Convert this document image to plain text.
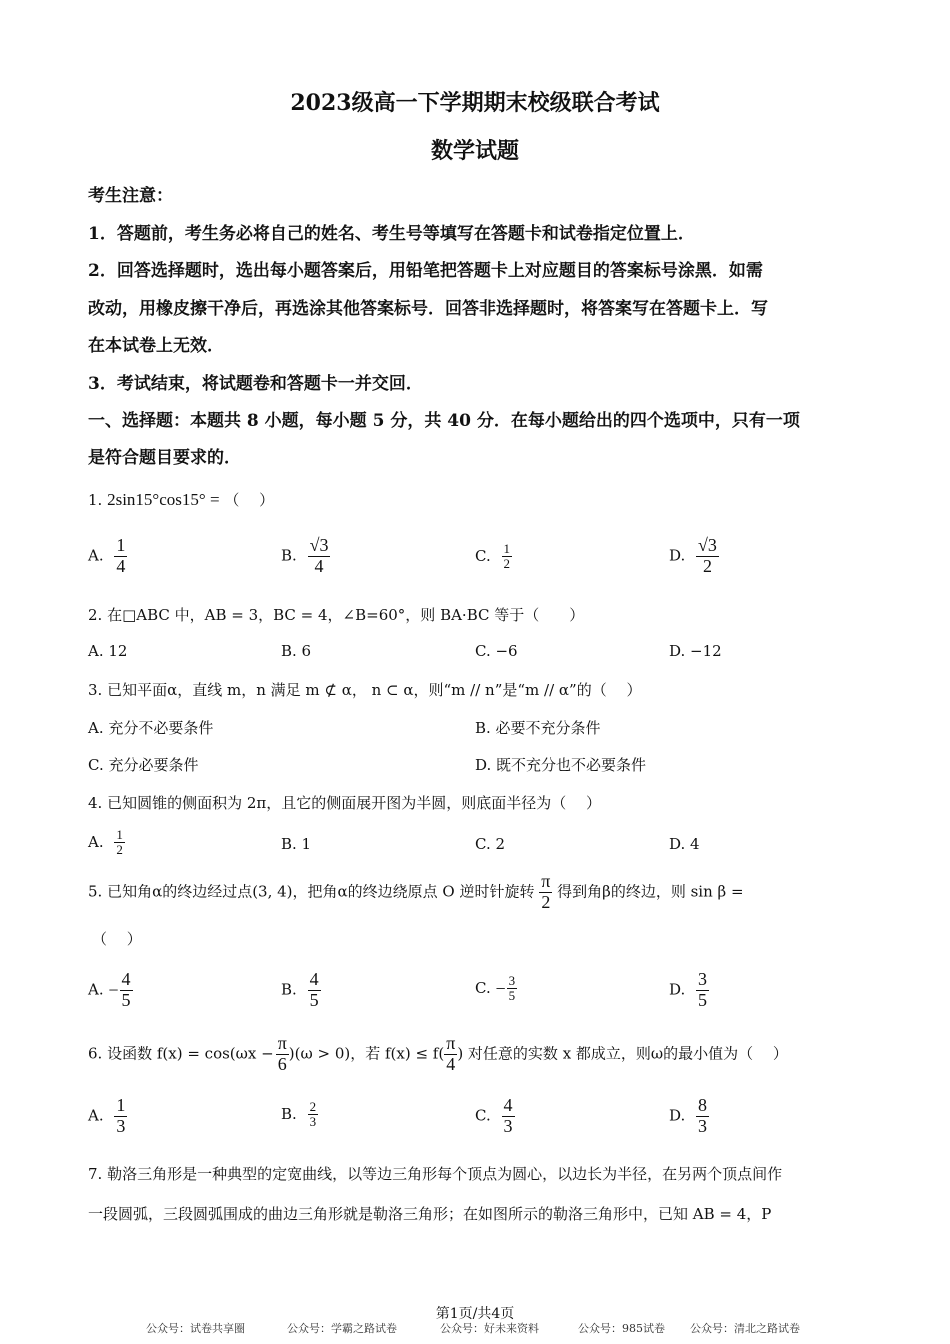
2023级高一下学期期末校级联合考试
数学试题
考生注意：
1．答题前，考生务必将自己的姓名、考生号等填写在答题卡和试卷指定位置上．
2．回答选择题时，选出每小题答案后，用铅笔把答题卡上对应题目的答案标号涂黑．如需
改动，用橡皮擦干净后，再选涂其他答案标号．回答非选择题时，将答案写在答题卡上．写
在本试卷上无效．
3．考试结束，将试题卷和答题卡一并交回．
一、选择题：本题共 8 小题，每小题 5 分，共 40 分．在每小题给出的四个选项中，只有一项
是符合题目要求的．
1. 2sin15°cos15° = （　 ）
A. $\frac{1}{4}$	B. $\frac{√3}{4}$	C. $\frac{1}{2}$	D. $\frac{√3}{2}$
2. 在□ABC 中，AB = 3，BC = 4，∠B=60°，则 BA·BC 等于（　　）
A. 12	B. 6	C. −6	D. −12
3. 已知平面α，直线 m，n 满足 m ⊄ α， n ⊂ α，则“m // n”是“m // α”的（　 ）
A. 充分不必要条件	B. 必要不充分条件
C. 充分必要条件	D. 既不充分也不必要条件
4. 已知圆锥的侧面积为 2π，且它的侧面展开图为半圆，则底面半径为（　 ）
A. $\frac{1}{2}$	B. 1	C. 2	D. 4
5. 已知角α的终边经过点(3, 4)，把角α的终边绕原点 O 逆时针旋转 $\frac{\pi}{2}$ 得到角β的终边，则 sin β =
（　 ）
A. − $\frac{4}{5}$	B. $\frac{4}{5}$	C. − $\frac{3}{5}$	D. $\frac{3}{5}$
6. 设函数 $f(x) = \cos(\omega x - \frac{\pi}{6} )(\omega > 0)$，若 $f(x) \le f( \frac{\pi}{4}$ ) 对任意的实数 x 都成立，则ω的最小值为（　 ）
A. $\frac{1}{3}$	B. $\frac{2}{3}$	C. $\frac{4}{3}$	D. $\frac{8}{3}$
7. 勒洛三角形是一种典型的定宽曲线，以等边三角形每个顶点为圆心，以边长为半径，在另两个顶点间作
一段圆弧，三段圆弧围成的曲边三角形就是勒洛三角形；在如图所示的勒洛三角形中，已知 AB = 4，P
第1页/共4页
公众号：试卷共享圈	公众号：学霸之路试卷	公众号：好未来资料	公众号：985试卷 公众号：清北之路试卷
